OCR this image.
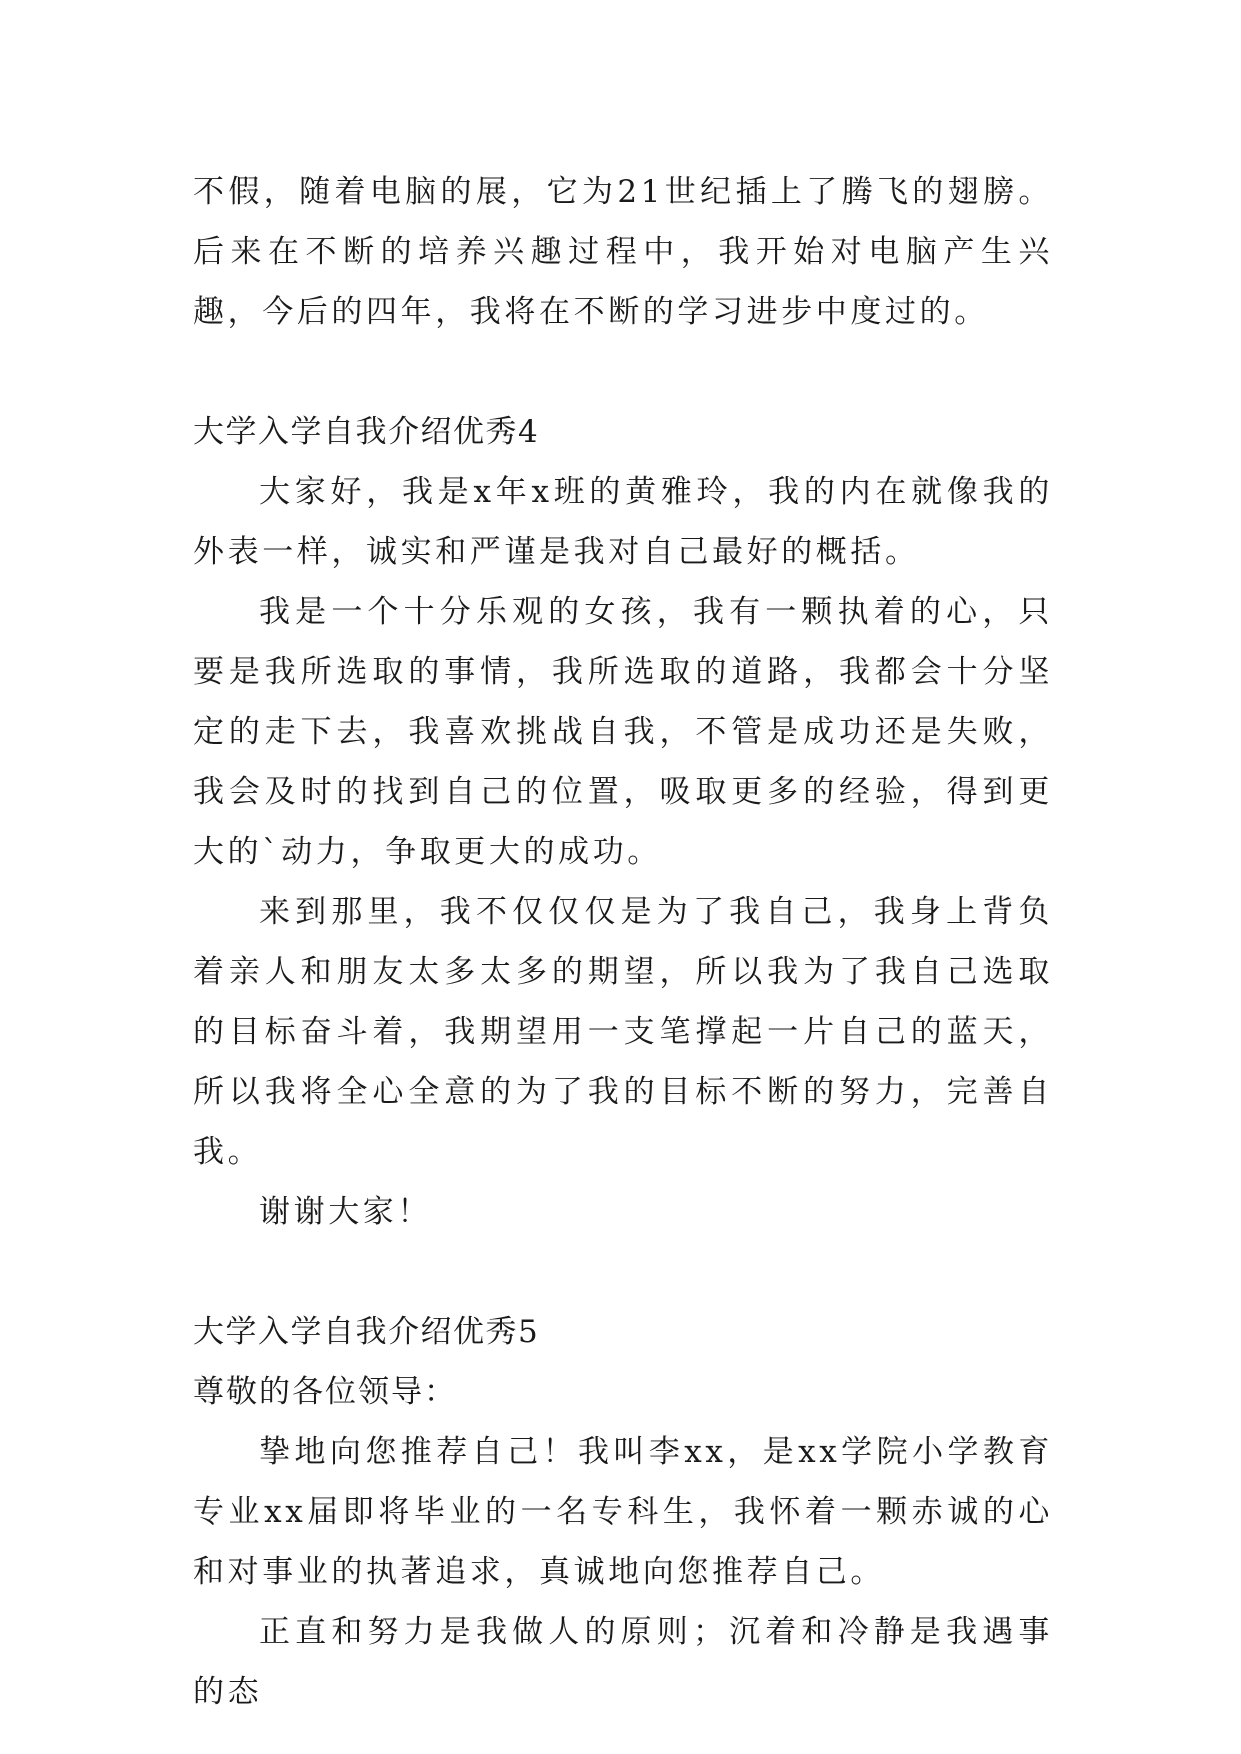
不假，随着电脑的展，它为21世纪插上了腾飞的翅膀。后来在不断的培养兴趣过程中，我开始对电脑产生兴趣，今后的四年，我将在不断的学习进步中度过的。

大学入学自我介绍优秀4

大家好，我是x年x班的黄雅玲，我的内在就像我的外表一样，诚实和严谨是我对自己最好的概括。

我是一个十分乐观的女孩，我有一颗执着的心，只要是我所选取的事情，我所选取的道路，我都会十分坚定的走下去，我喜欢挑战自我，不管是成功还是失败，我会及时的找到自己的位置，吸取更多的经验，得到更大的`动力，争取更大的成功。

来到那里，我不仅仅仅是为了我自己，我身上背负着亲人和朋友太多太多的期望，所以我为了我自己选取的目标奋斗着，我期望用一支笔撑起一片自己的蓝天，所以我将全心全意的为了我的目标不断的努力，完善自我。

谢谢大家！

大学入学自我介绍优秀5

尊敬的各位领导：

挚地向您推荐自己！我叫李xx，是xx学院小学教育专业xx届即将毕业的一名专科生，我怀着一颗赤诚的心和对事业的执著追求，真诚地向您推荐自己。

正直和努力是我做人的原则；沉着和冷静是我遇事的态
